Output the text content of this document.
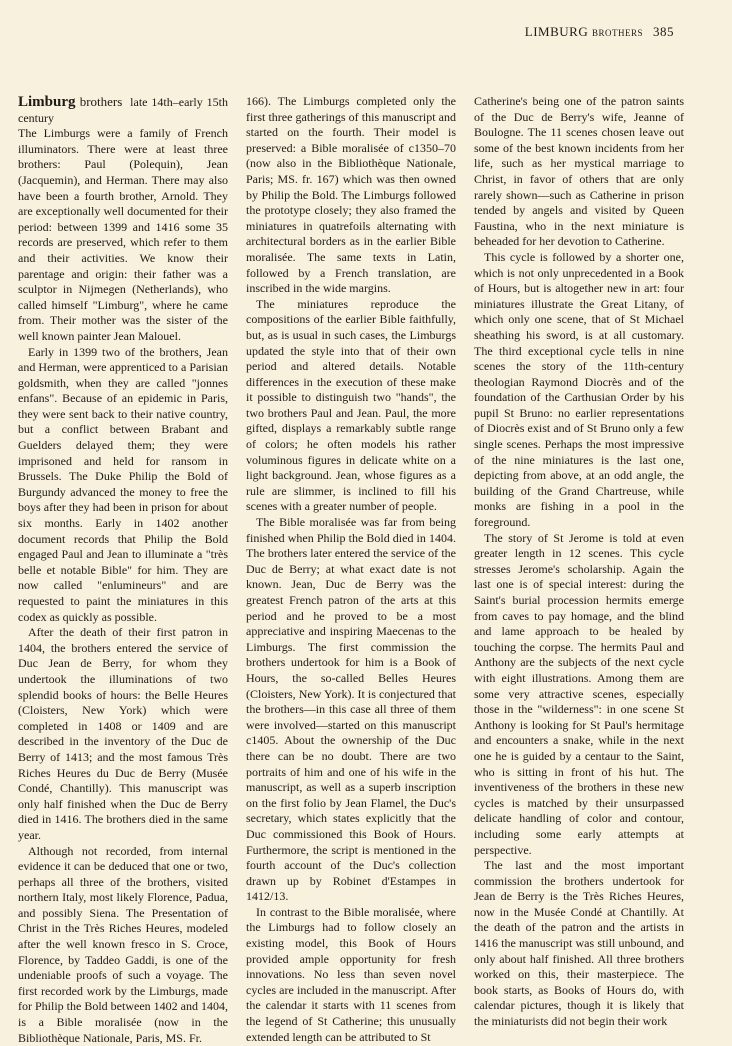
LIMBURG brothers 385

Limburg brothers late 14th–early 15th century

The Limburgs were a family of French illuminators. There were at least three brothers: Paul (Polequin), Jean (Jacquemin), and Herman. There may also have been a fourth brother, Arnold. They are exceptionally well documented for their period: between 1399 and 1416 some 35 records are preserved, which refer to them and their activities. We know their parentage and origin: their father was a sculptor in Nijmegen (Netherlands), who called himself "Limburg", where he came from. Their mother was the sister of the well known painter Jean Malouel.

Early in 1399 two of the brothers, Jean and Herman, were apprenticed to a Parisian goldsmith, when they are called "jonnes enfans". Because of an epidemic in Paris, they were sent back to their native country, but a conflict between Brabant and Guelders delayed them; they were imprisoned and held for ransom in Brussels. The Duke Philip the Bold of Burgundy advanced the money to free the boys after they had been in prison for about six months. Early in 1402 another document records that Philip the Bold engaged Paul and Jean to illuminate a "très belle et notable Bible" for him. They are now called "enlumineurs" and are requested to paint the miniatures in this codex as quickly as possible.

After the death of their first patron in 1404, the brothers entered the service of Duc Jean de Berry, for whom they undertook the illuminations of two splendid books of hours: the Belle Heures (Cloisters, New York) which were completed in 1408 or 1409 and are described in the inventory of the Duc de Berry of 1413; and the most famous Très Riches Heures du Duc de Berry (Musée Condé, Chantilly). This manuscript was only half finished when the Duc de Berry died in 1416. The brothers died in the same year.

Although not recorded, from internal evidence it can be deduced that one or two, perhaps all three of the brothers, visited northern Italy, most likely Florence, Padua, and possibly Siena. The Presentation of Christ in the Très Riches Heures, modeled after the well known fresco in S. Croce, Florence, by Taddeo Gaddi, is one of the undeniable proofs of such a voyage. The first recorded work by the Limburgs, made for Philip the Bold between 1402 and 1404, is a Bible moralisée (now in the Bibliothèque Nationale, Paris, MS. Fr.

166). The Limburgs completed only the first three gatherings of this manuscript and started on the fourth. Their model is preserved: a Bible moralisée of c1350–70 (now also in the Bibliothèque Nationale, Paris; MS. fr. 167) which was then owned by Philip the Bold. The Limburgs followed the prototype closely; they also framed the miniatures in quatrefoils alternating with architectural borders as in the earlier Bible moralisée. The same texts in Latin, followed by a French translation, are inscribed in the wide margins.

The miniatures reproduce the compositions of the earlier Bible faithfully, but, as is usual in such cases, the Limburgs updated the style into that of their own period and altered details. Notable differences in the execution of these make it possible to distinguish two "hands", the two brothers Paul and Jean. Paul, the more gifted, displays a remarkably subtle range of colors; he often models his rather voluminous figures in delicate white on a light background. Jean, whose figures as a rule are slimmer, is inclined to fill his scenes with a greater number of people.

The Bible moralisée was far from being finished when Philip the Bold died in 1404. The brothers later entered the service of the Duc de Berry; at what exact date is not known. Jean, Duc de Berry was the greatest French patron of the arts at this period and he proved to be a most appreciative and inspiring Maecenas to the Limburgs. The first commission the brothers undertook for him is a Book of Hours, the so-called Belles Heures (Cloisters, New York). It is conjectured that the brothers—in this case all three of them were involved—started on this manuscript c1405. About the ownership of the Duc there can be no doubt. There are two portraits of him and one of his wife in the manuscript, as well as a superb inscription on the first folio by Jean Flamel, the Duc's secretary, which states explicitly that the Duc commissioned this Book of Hours. Furthermore, the script is mentioned in the fourth account of the Duc's collection drawn up by Robinet d'Estampes in 1412/13.

In contrast to the Bible moralisée, where the Limburgs had to follow closely an existing model, this Book of Hours provided ample opportunity for fresh innovations. No less than seven novel cycles are included in the manuscript. After the calendar it starts with 11 scenes from the legend of St Catherine; this unusually extended length can be attributed to St

Catherine's being one of the patron saints of the Duc de Berry's wife, Jeanne of Boulogne. The 11 scenes chosen leave out some of the best known incidents from her life, such as her mystical marriage to Christ, in favor of others that are only rarely shown—such as Catherine in prison tended by angels and visited by Queen Faustina, who in the next miniature is beheaded for her devotion to Catherine.

This cycle is followed by a shorter one, which is not only unprecedented in a Book of Hours, but is altogether new in art: four miniatures illustrate the Great Litany, of which only one scene, that of St Michael sheathing his sword, is at all customary. The third exceptional cycle tells in nine scenes the story of the 11th-century theologian Raymond Diocrès and of the foundation of the Carthusian Order by his pupil St Bruno: no earlier representations of Diocrès exist and of St Bruno only a few single scenes. Perhaps the most impressive of the nine miniatures is the last one, depicting from above, at an odd angle, the building of the Grand Chartreuse, while monks are fishing in a pool in the foreground.

The story of St Jerome is told at even greater length in 12 scenes. This cycle stresses Jerome's scholarship. Again the last one is of special interest: during the Saint's burial procession hermits emerge from caves to pay homage, and the blind and lame approach to be healed by touching the corpse. The hermits Paul and Anthony are the subjects of the next cycle with eight illustrations. Among them are some very attractive scenes, especially those in the "wilderness": in one scene St Anthony is looking for St Paul's hermitage and encounters a snake, while in the next one he is guided by a centaur to the Saint, who is sitting in front of his hut. The inventiveness of the brothers in these new cycles is matched by their unsurpassed delicate handling of color and contour, including some early attempts at perspective.

The last and the most important commission the brothers undertook for Jean de Berry is the Très Riches Heures, now in the Musée Condé at Chantilly. At the death of the patron and the artists in 1416 the manuscript was still unbound, and only about half finished. All three brothers worked on this, their masterpiece. The book starts, as Books of Hours do, with calendar pictures, though it is likely that the miniaturists did not begin their work
